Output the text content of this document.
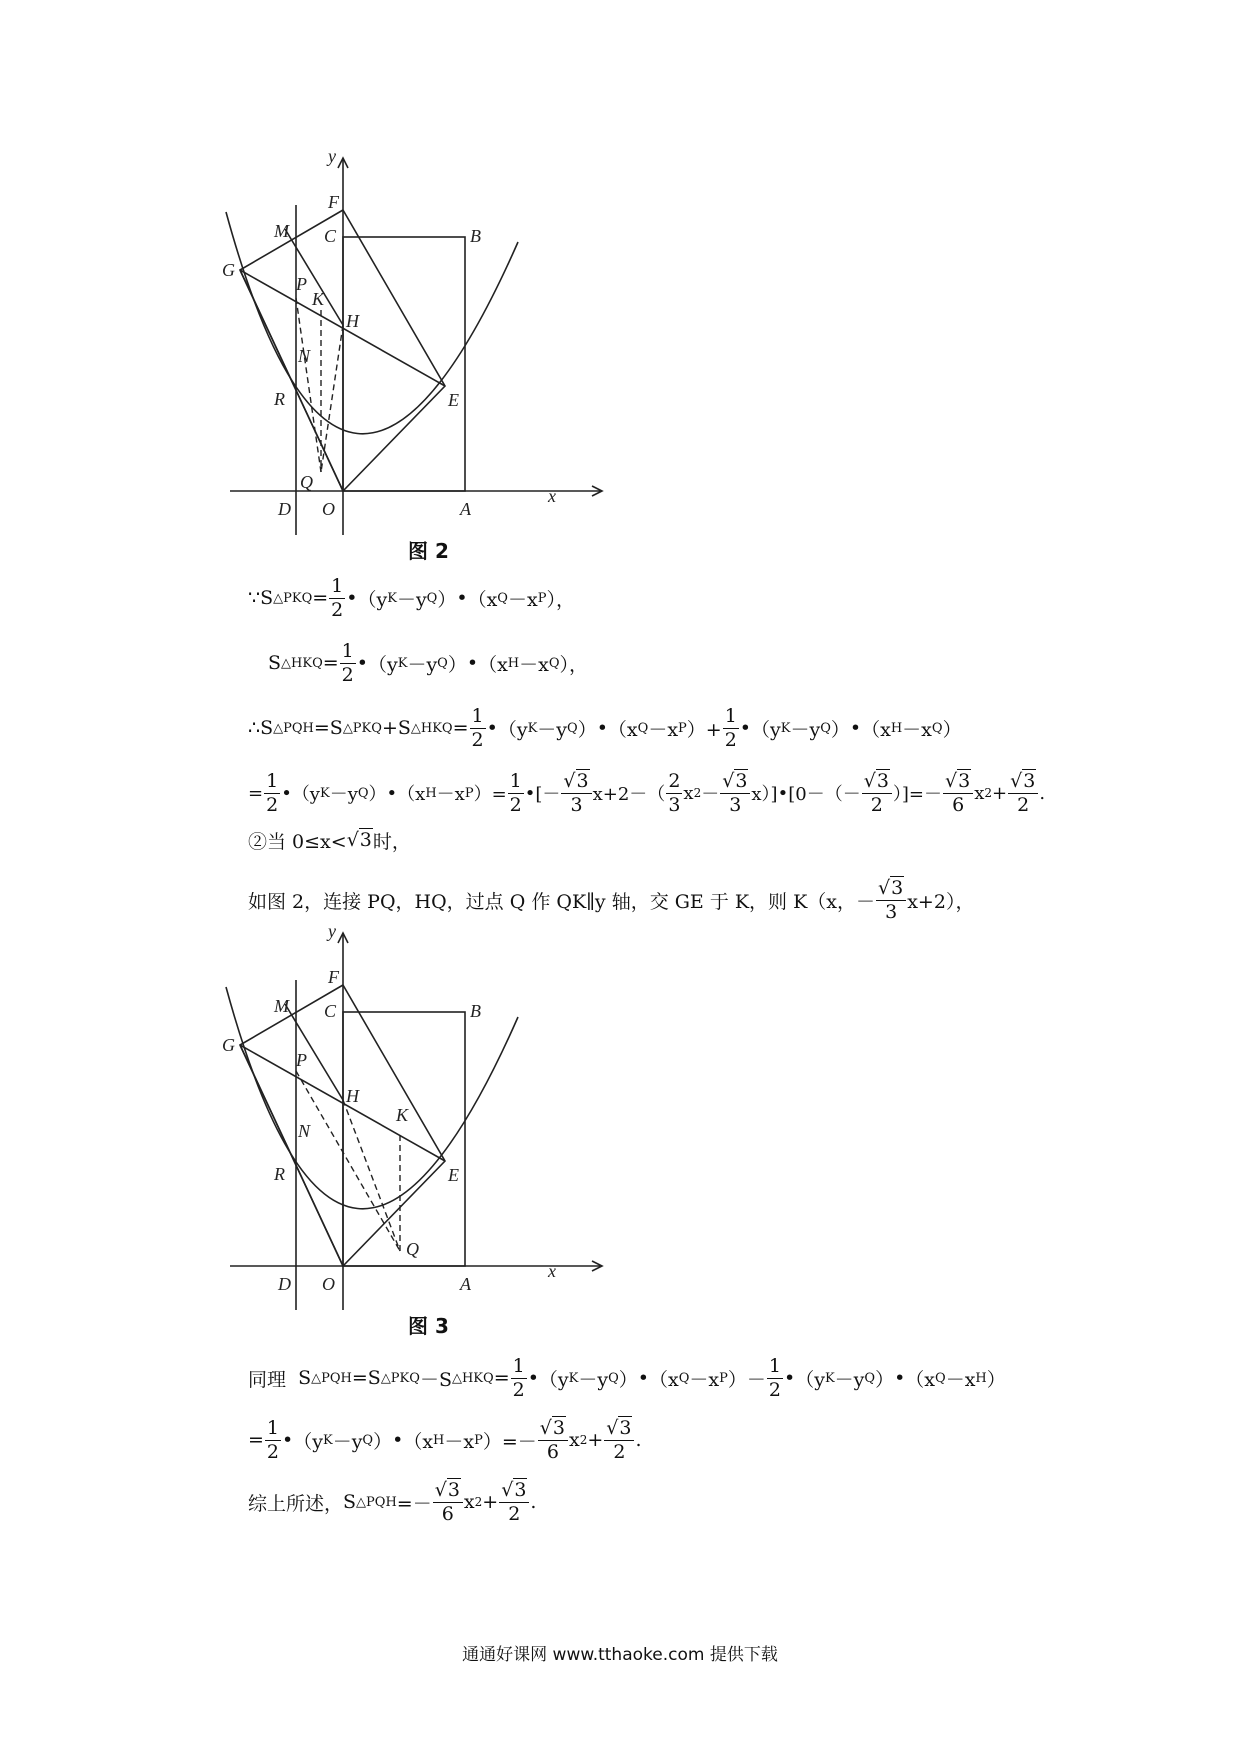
y
x
F
M C	B
G
P
K
H
N
R	E
Q
D O	A
图 2
∵ S △PKQ =
1
2
• （y K －y Q ） • （x Q －x P ），
S △HKQ =
1
2
• （y K －y Q ） • （x H －x Q ），
∴ S △PQH =S △PKQ +S △HKQ =
1
2
• （y K －y Q ） • （x Q －x P ）+
1
2
• （y K －y Q ） • （x H －x Q ）
=
1
2
• （y K －y Q ） • （x H －x P ）=
1
2
• [－
√3
3 x+2－（
2
3
x 2 －
√3
3 x）] • [0－（－
√3
2 ）]=－
√3
6
x 2 +
√3
2
.
②当 0≤x< √3 时，
如图 2，连接 PQ，HQ，过点 Q 作 QK∥y 轴，交 GE 于 K，则 K（x，－
√3
3 x+2），
y
x
F
M C	B
G
P
H
K
N
R	E
Q
D O	A
图 3
同理 S △PQH =S △PKQ －S △HKQ =
1
2
• （y K －y Q ） • （x Q －x P ）－
1
2
• （y K －y Q ） • （x Q －x H ）
=
1
2
• （y K －y Q ） • （x H －x P ）=－
√3
6
x 2 +
√3
2
.
综上所述， S △PQH =－
√3
6
x 2 +
√3
2
.
通通好课网 www.tthaoke.com 提供下载
